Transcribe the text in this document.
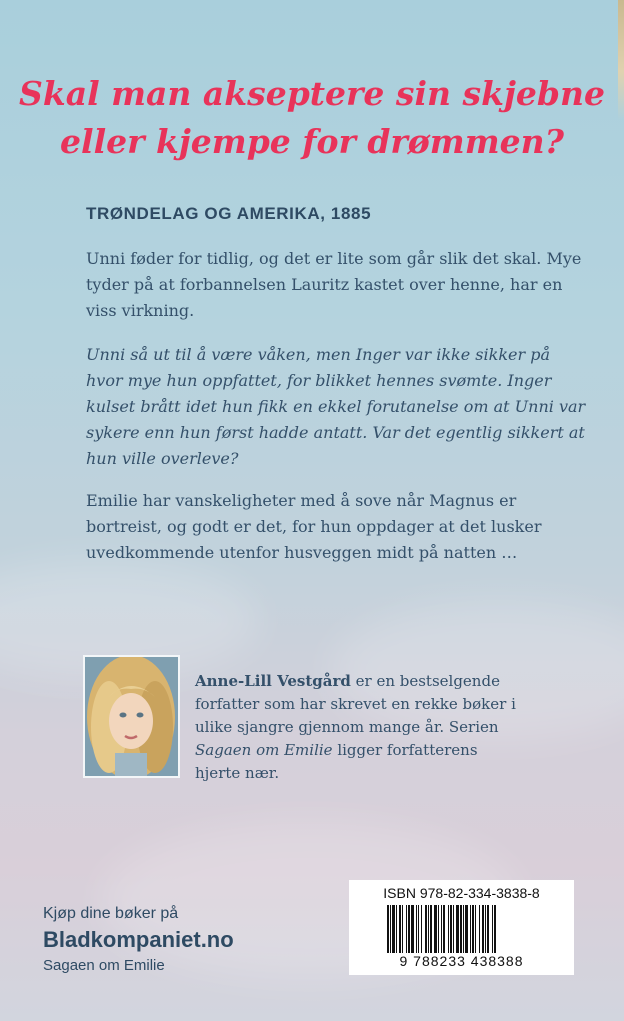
Skal man akseptere sin skjebne
eller kjempe for drømmen?
TRØNDELAG OG AMERIKA, 1885

Unni føder for tidlig, og det er lite som går slik det skal. Mye tyder på at forbannelsen Lauritz kastet over henne, har en viss virkning.

Unni så ut til å være våken, men Inger var ikke sikker på hvor mye hun oppfattet, for blikket hennes svømte. Inger kulset brått idet hun fikk en ekkel forutanelse om at Unni var sykere enn hun først hadde antatt. Var det egentlig sikkert at hun ville overleve?

Emilie har vanskeligheter med å sove når Magnus er bortreist, og godt er det, for hun oppdager at det lusker uvedkommende utenfor husveggen midt på natten …

Anne-Lill Vestgård er en bestselgende forfatter som har skrevet en rekke bøker i ulike sjangre gjennom mange år. Serien Sagaen om Emilie ligger forfatterens hjerte nær.

Kjøp dine bøker på
Bladkompaniet.no
Sagaen om Emilie
ISBN 978-82-334-3838-8
9 788233 438388
